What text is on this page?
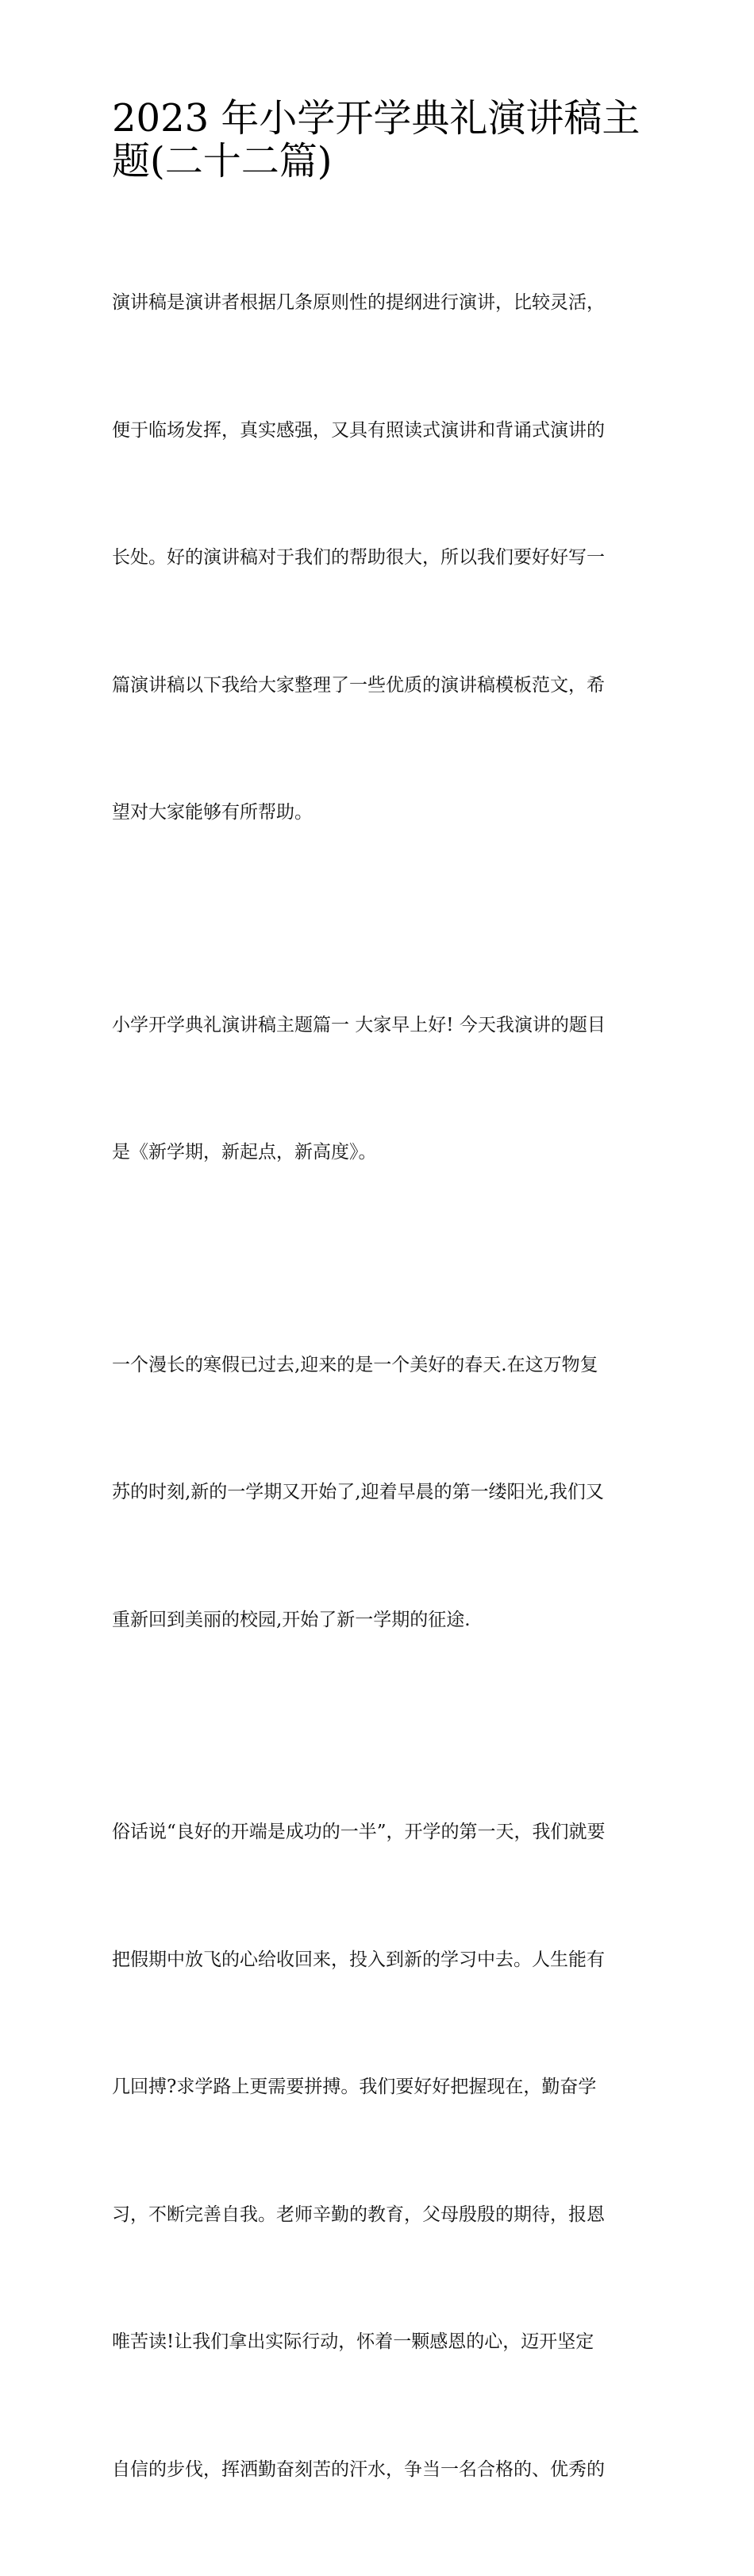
2023 年小学开学典礼演讲稿主
题(二十二篇)

演讲稿是演讲者根据几条原则性的提纲进行演讲，比较灵活，

便于临场发挥，真实感强，又具有照读式演讲和背诵式演讲的

长处。好的演讲稿对于我们的帮助很大，所以我们要好好写一

篇演讲稿以下我给大家整理了一些优质的演讲稿模板范文，希

望对大家能够有所帮助。

小学开学典礼演讲稿主题篇一 大家早上好! 今天我演讲的题目

是《新学期，新起点，新高度》。

一个漫长的寒假已过去,迎来的是一个美好的春天.在这万物复

苏的时刻,新的一学期又开始了,迎着早晨的第一缕阳光,我们又

重新回到美丽的校园,开始了新一学期的征途.

俗话说“良好的开端是成功的一半”，开学的第一天，我们就要

把假期中放飞的心给收回来，投入到新的学习中去。人生能有

几回搏?求学路上更需要拼搏。我们要好好把握现在，勤奋学

习，不断完善自我。老师辛勤的教育，父母殷殷的期待，报恩

唯苦读!让我们拿出实际行动，怀着一颗感恩的心，迈开坚定

自信的步伐，挥洒勤奋刻苦的汗水，争当一名合格的、优秀的
